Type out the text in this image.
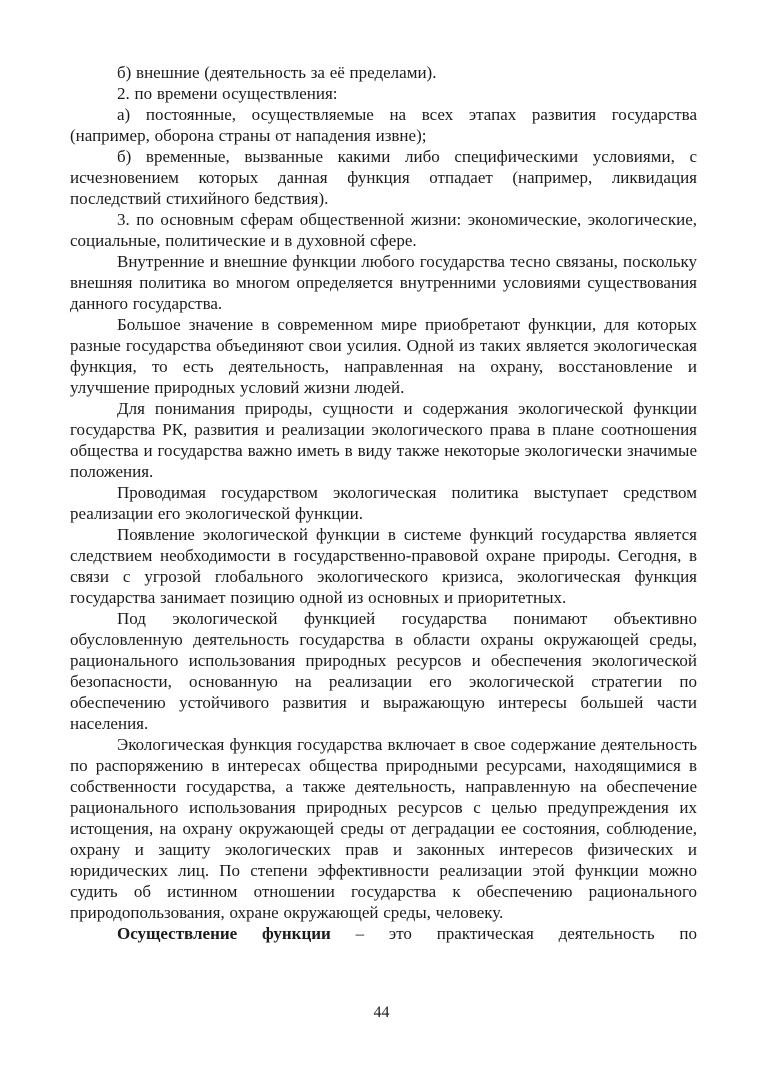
б) внешние (деятельность за её пределами).

2. по времени осуществления:

а) постоянные, осуществляемые на всех этапах развития государства (например, оборона страны от нападения извне);

б) временные, вызванные какими либо специфическими условиями, с исчезновением которых данная функция отпадает (например, ликвидация последствий стихийного бедствия).

3. по основным сферам общественной жизни: экономические, экологические, социальные, политические и в духовной сфере.

Внутренние и внешние функции любого государства тесно связаны, поскольку внешняя политика во многом определяется внутренними условиями существования данного государства.

Большое значение в современном мире приобретают функции, для которых разные государства объединяют свои усилия. Одной из таких является экологическая функция, то есть деятельность, направленная на охрану, восстановление и улучшение природных условий жизни людей.

Для понимания природы, сущности и содержания экологической функции государства РК, развития и реализации экологического права в плане соотношения общества и государства важно иметь в виду также некоторые экологически значимые положения.

Проводимая государством экологическая политика выступает средством реализации его экологической функции.

Появление экологической функции в системе функций государства является следствием необходимости в государственно-правовой охране природы. Сегодня, в связи с угрозой глобального экологического кризиса, экологическая функция государства занимает позицию одной из основных и приоритетных.

Под экологической функцией государства понимают объективно обусловленную деятельность государства в области охраны окружающей среды, рационального использования природных ресурсов и обеспечения экологической безопасности, основанную на реализации его экологической стратегии по обеспечению устойчивого развития и выражающую интересы большей части населения.

Экологическая функция государства включает в свое содержание деятельность по распоряжению в интересах общества природными ресурсами, находящимися в собственности государства, а также деятельность, направленную на обеспечение рационального использования природных ресурсов с целью предупреждения их истощения, на охрану окружающей среды от деградации ее состояния, соблюдение, охрану и защиту экологических прав и законных интересов физических и юридических лиц. По степени эффективности реализации этой функции можно судить об истинном отношении государства к обеспечению рационального природопользования, охране окружающей среды, человеку.

Осуществление функции – это практическая деятельность по

44
